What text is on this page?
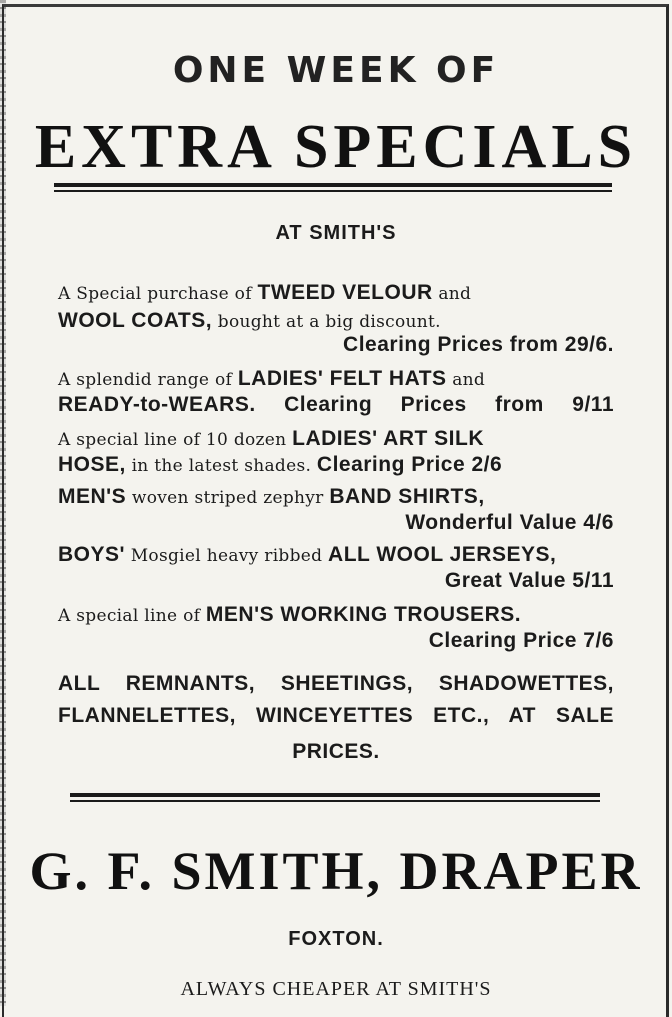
ONE WEEK OF
EXTRA SPECIALS
AT SMITH'S
A Special purchase of TWEED VELOUR and
WOOL COATS, bought at a big discount.
Clearing Prices from 29/6.
A splendid range of LADIES' FELT HATS and
READY-to-WEARS. Clearing Prices from 9/11
A special line of 10 dozen LADIES' ART SILK
HOSE, in the latest shades. Clearing Price 2/6
MEN'S woven striped zephyr BAND SHIRTS,
Wonderful Value 4/6
BOYS' Mosgiel heavy ribbed ALL WOOL JERSEYS,
Great Value 5/11
A special line of MEN'S WORKING TROUSERS.
Clearing Price 7/6
ALL REMNANTS, SHEETINGS, SHADOWETTES,
FLANNELETTES, WINCEYETTES ETC., AT SALE
PRICES.
G. F. SMITH, DRAPER
FOXTON.
ALWAYS CHEAPER AT SMITH'S
